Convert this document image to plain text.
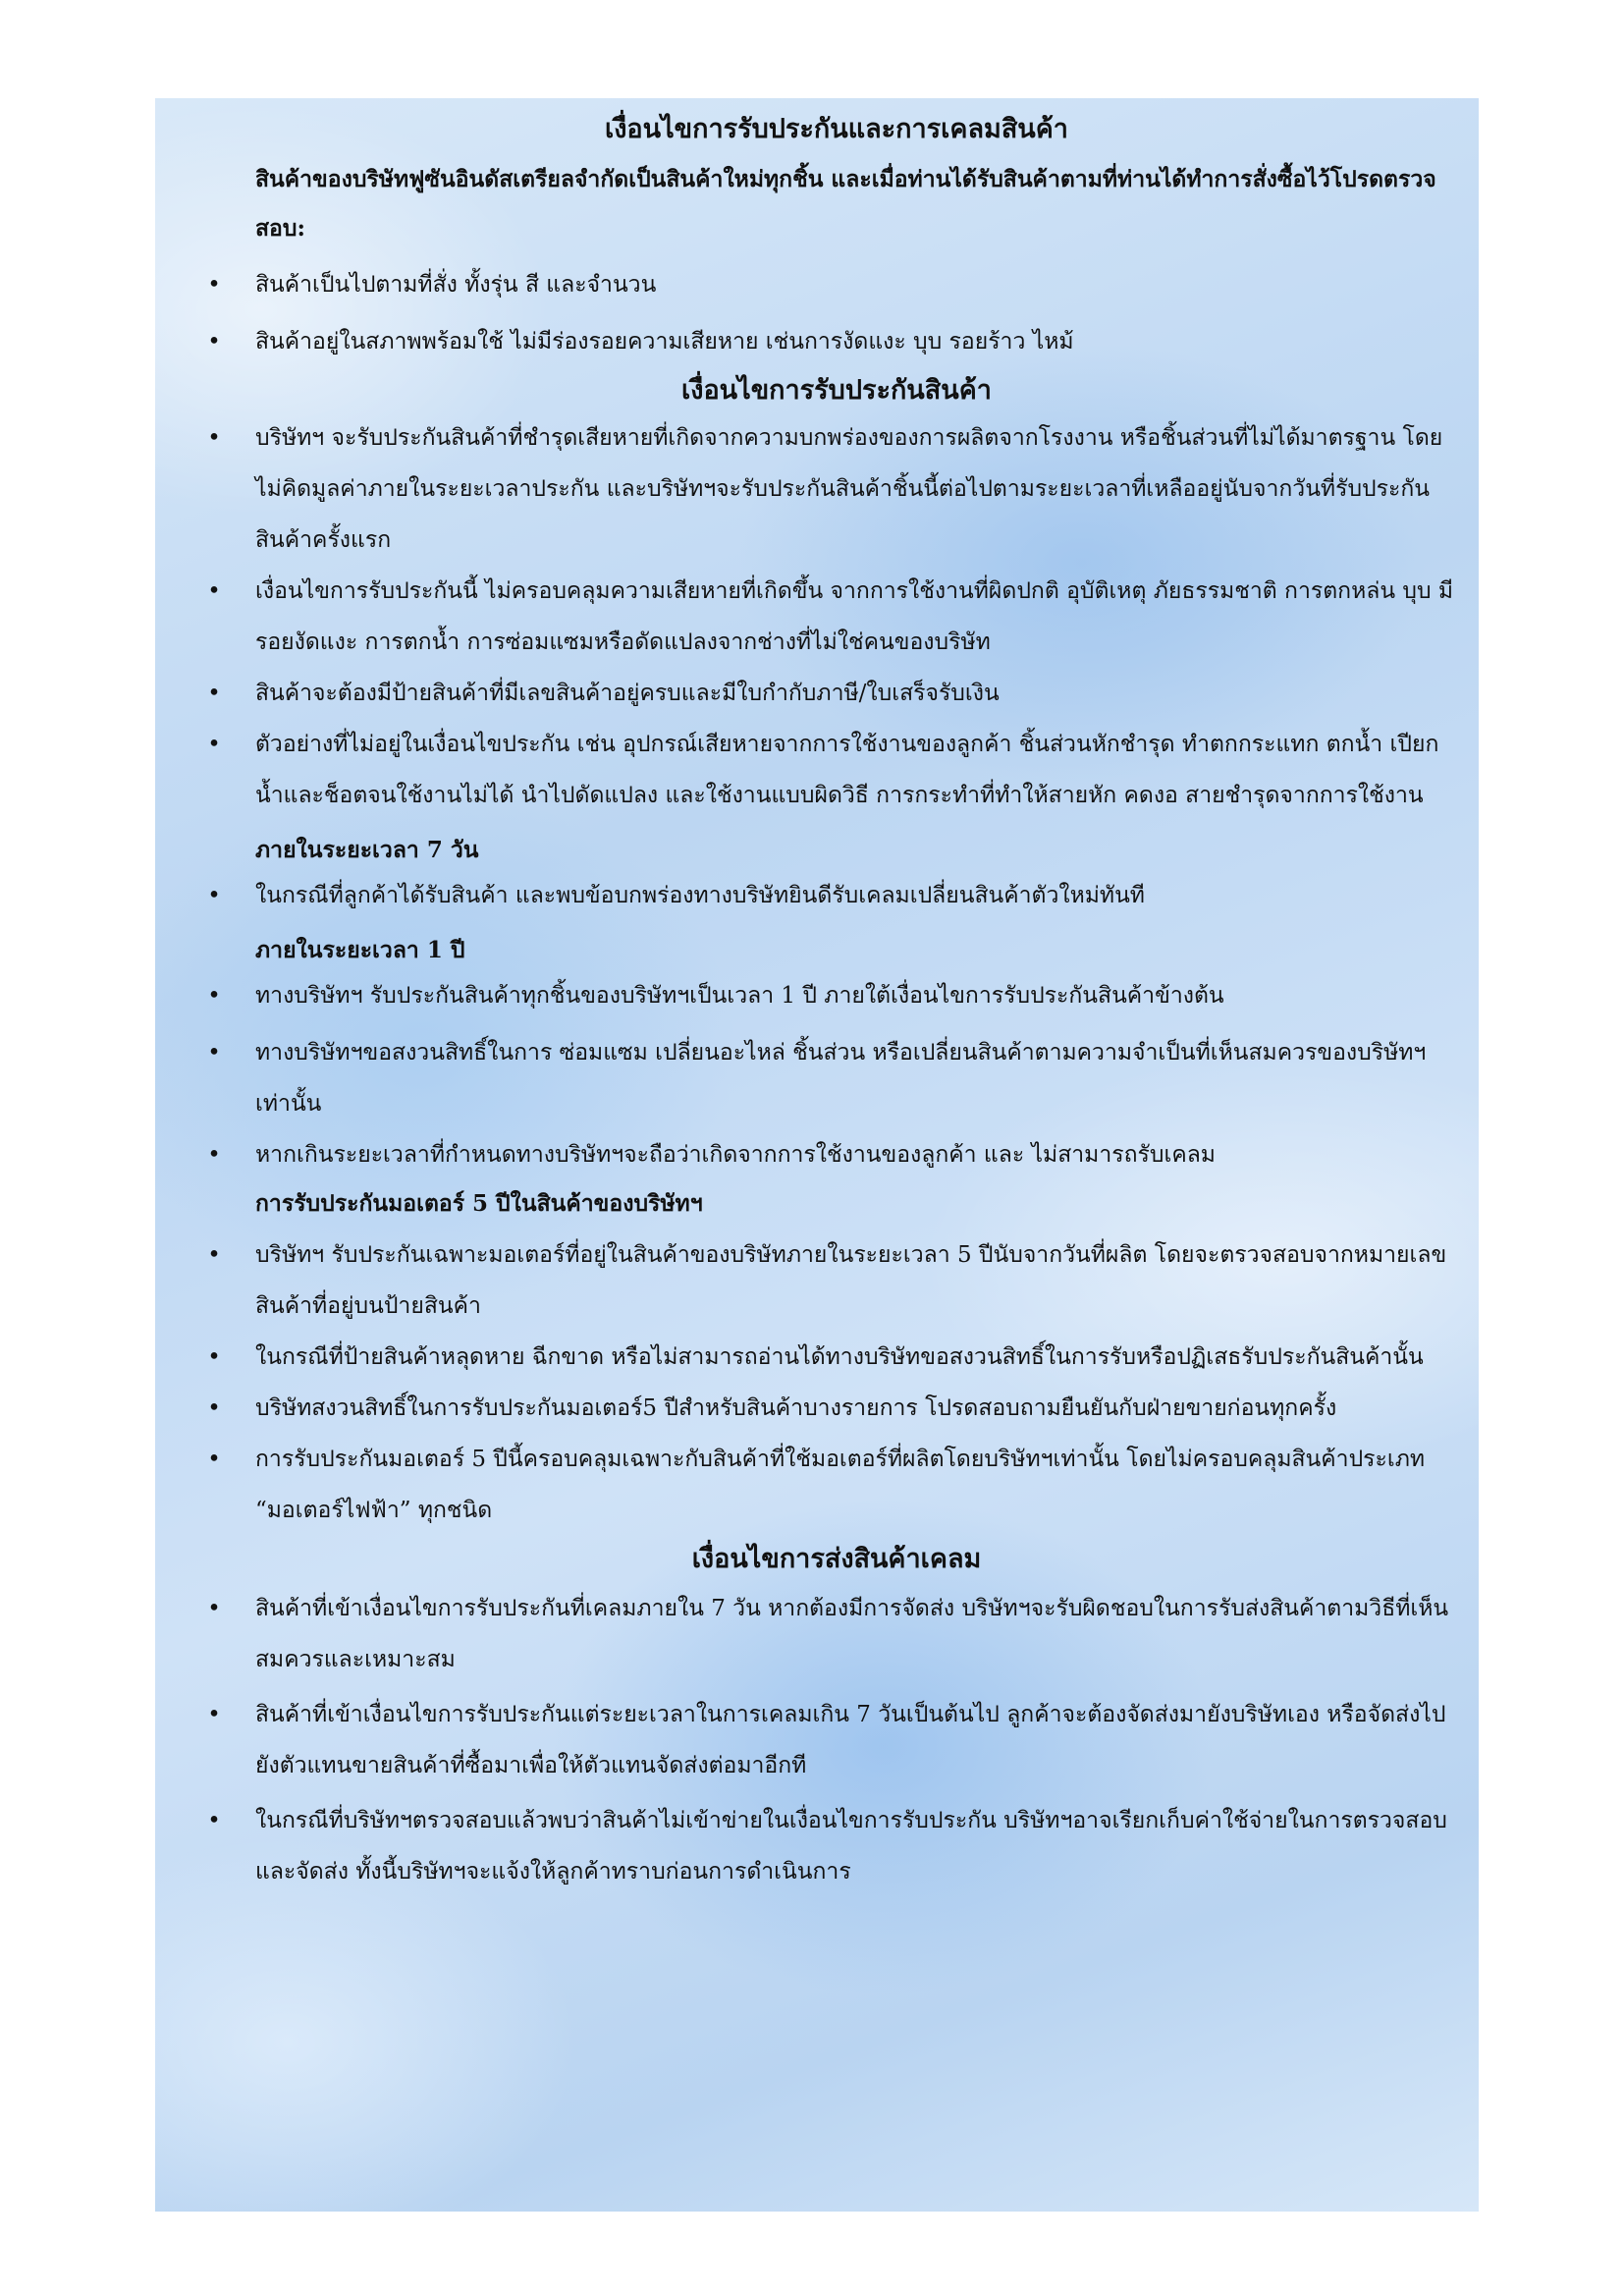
เงื่อนไขการรับประกันและการเคลมสินค้า

สินค้าของบริษัทฟูซันอินดัสเตรียลจำกัดเป็นสินค้าใหม่ทุกชิ้น และเมื่อท่านได้รับสินค้าตามที่ท่านได้ทำการสั่งซื้อไว้โปรดตรวจสอบ:

• สินค้าเป็นไปตามที่สั่ง ทั้งรุ่น สี และจำนวน
• สินค้าอยู่ในสภาพพร้อมใช้ ไม่มีร่องรอยความเสียหาย เช่นการงัดแงะ บุบ รอยร้าว ไหม้
เงื่อนไขการรับประกันสินค้า
• บริษัทฯ จะรับประกันสินค้าที่ชำรุดเสียหายที่เกิดจากความบกพร่องของการผลิตจากโรงงาน หรือชิ้นส่วนที่ไม่ได้มาตรฐาน โดยไม่คิดมูลค่าภายในระยะเวลาประกัน และบริษัทฯจะรับประกันสินค้าชิ้นนี้ต่อไปตามระยะเวลาที่เหลืออยู่นับจากวันที่รับประกันสินค้าครั้งแรก
• เงื่อนไขการรับประกันนี้ ไม่ครอบคลุมความเสียหายที่เกิดขึ้น จากการใช้งานที่ผิดปกติ อุบัติเหตุ ภัยธรรมชาติ การตกหล่น บุบ มีรอยงัดแงะ การตกน้ำ การซ่อมแซมหรือดัดแปลงจากช่างที่ไม่ใช่คนของบริษัท
• สินค้าจะต้องมีป้ายสินค้าที่มีเลขสินค้าอยู่ครบและมีใบกำกับภาษี/ใบเสร็จรับเงิน
• ตัวอย่างที่ไม่อยู่ในเงื่อนไขประกัน เช่น อุปกรณ์เสียหายจากการใช้งานของลูกค้า ชิ้นส่วนหักชำรุด ทำตกกระแทก ตกน้ำ เปียกน้ำและช็อตจนใช้งานไม่ได้ นำไปดัดแปลง และใช้งานแบบผิดวิธี การกระทำที่ทำให้สายหัก คดงอ สายชำรุดจากการใช้งาน

ภายในระยะเวลา 7 วัน

• ในกรณีที่ลูกค้าได้รับสินค้า และพบข้อบกพร่องทางบริษัทยินดีรับเคลมเปลี่ยนสินค้าตัวใหม่ทันที

ภายในระยะเวลา 1 ปี

• ทางบริษัทฯ รับประกันสินค้าทุกชิ้นของบริษัทฯเป็นเวลา 1 ปี ภายใต้เงื่อนไขการรับประกันสินค้าข้างต้น
• ทางบริษัทฯขอสงวนสิทธิ์ในการ ซ่อมแซม เปลี่ยนอะไหล่ ชิ้นส่วน หรือเปลี่ยนสินค้าตามความจำเป็นที่เห็นสมควรของบริษัทฯเท่านั้น
• หากเกินระยะเวลาที่กำหนดทางบริษัทฯจะถือว่าเกิดจากการใช้งานของลูกค้า และ ไม่สามารถรับเคลม

การรับประกันมอเตอร์ 5 ปีในสินค้าของบริษัทฯ

• บริษัทฯ รับประกันเฉพาะมอเตอร์ที่อยู่ในสินค้าของบริษัทภายในระยะเวลา 5 ปีนับจากวันที่ผลิต โดยจะตรวจสอบจากหมายเลขสินค้าที่อยู่บนป้ายสินค้า
• ในกรณีที่ป้ายสินค้าหลุดหาย ฉีกขาด หรือไม่สามารถอ่านได้ทางบริษัทขอสงวนสิทธิ์ในการรับหรือปฏิเสธรับประกันสินค้านั้น
• บริษัทสงวนสิทธิ์ในการรับประกันมอเตอร์5 ปีสำหรับสินค้าบางรายการ โปรดสอบถามยืนยันกับฝ่ายขายก่อนทุกครั้ง
• การรับประกันมอเตอร์ 5 ปีนี้ครอบคลุมเฉพาะกับสินค้าที่ใช้มอเตอร์ที่ผลิตโดยบริษัทฯเท่านั้น โดยไม่ครอบคลุมสินค้าประเภท “มอเตอร์ไฟฟ้า” ทุกชนิด
เงื่อนไขการส่งสินค้าเคลม
• สินค้าที่เข้าเงื่อนไขการรับประกันที่เคลมภายใน 7 วัน หากต้องมีการจัดส่ง บริษัทฯจะรับผิดชอบในการรับส่งสินค้าตามวิธีที่เห็นสมควรและเหมาะสม
• สินค้าที่เข้าเงื่อนไขการรับประกันแต่ระยะเวลาในการเคลมเกิน 7 วันเป็นต้นไป ลูกค้าจะต้องจัดส่งมายังบริษัทเอง หรือจัดส่งไปยังตัวแทนขายสินค้าที่ซื้อมาเพื่อให้ตัวแทนจัดส่งต่อมาอีกที
• ในกรณีที่บริษัทฯตรวจสอบแล้วพบว่าสินค้าไม่เข้าข่ายในเงื่อนไขการรับประกัน บริษัทฯอาจเรียกเก็บค่าใช้จ่ายในการตรวจสอบและจัดส่ง ทั้งนี้บริษัทฯจะแจ้งให้ลูกค้าทราบก่อนการดำเนินการ
